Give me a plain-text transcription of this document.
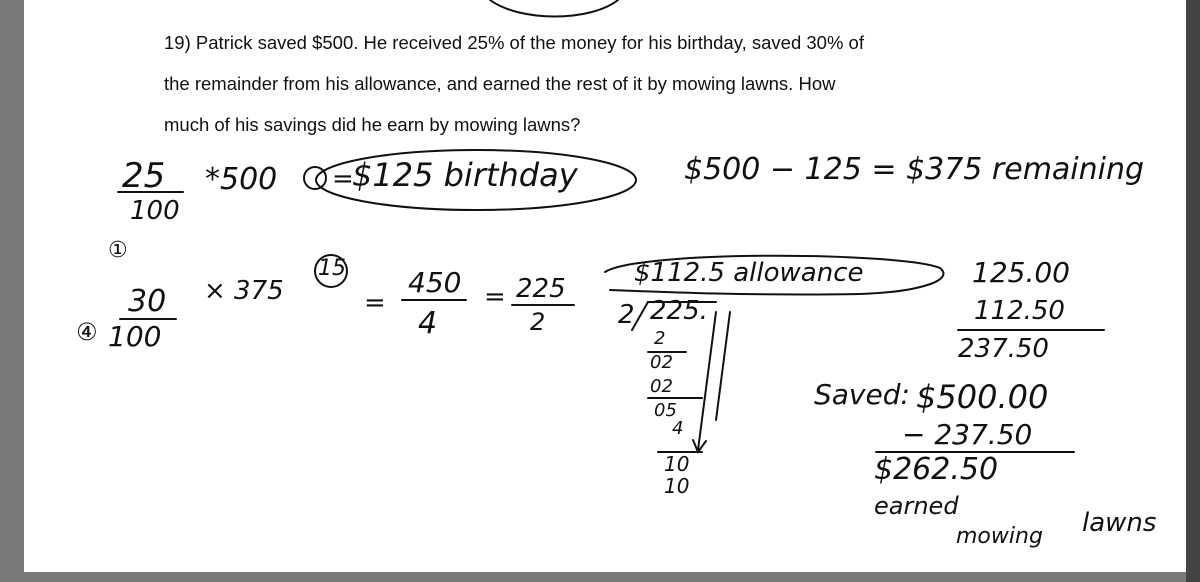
19) Patrick saved $500. He received 25% of the money for his birthday, saved 30% of
the remainder from his allowance, and earned the rest of it by mowing lawns. How
much of his savings did he earn by mowing lawns?
①
25
100
*500 =
$125 birthday	$500 − 125 = $375 remaining
④
30
100
× 375
15
=
450
4
= 225
2
$112.5 allowance
2 225.
2
02
02
05
4
10
10
125.00
112.50
237.50
Saved: $500.00
− 237.50
$262.50
earned
mowing lawns
